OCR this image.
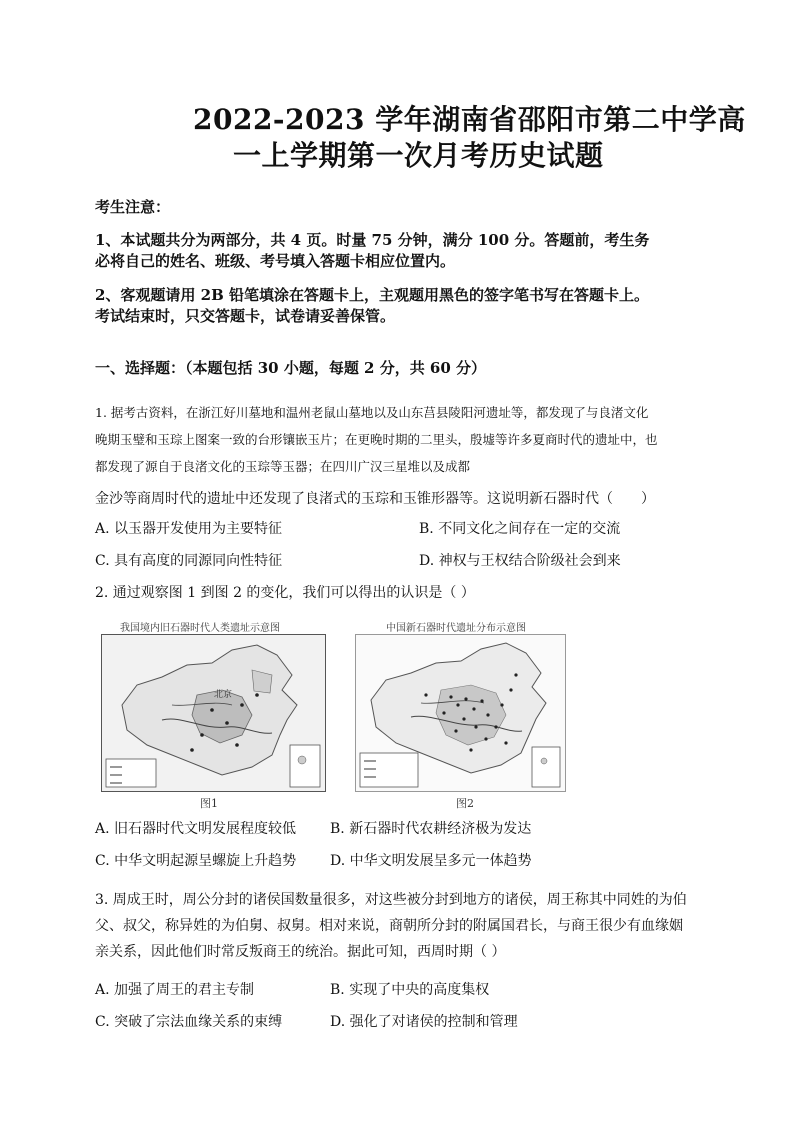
2022-2023 学年湖南省邵阳市第二中学高
一上学期第一次月考历史试题
考生注意：
1、本试题共分为两部分，共 4 页。时量 75 分钟，满分 100 分。答题前，考生务
必将自己的姓名、班级、考号填入答题卡相应位置内。
2、客观题请用 2B 铅笔填涂在答题卡上，主观题用黑色的签字笔书写在答题卡上。
考试结束时，只交答题卡，试卷请妥善保管。
一、选择题：（本题包括 30 小题，每题 2 分，共 60 分）
1. 据考古资料，在浙江好川墓地和温州老鼠山墓地以及山东莒县陵阳河遗址等，都发现了与良渚文化
晚期玉璧和玉琮上图案一致的台形镶嵌玉片；在更晚时期的二里头，殷墟等许多夏商时代的遗址中，也
都发现了源自于良渚文化的玉琮等玉器；在四川广汉三星堆以及成都
金沙等商周时代的遗址中还发现了良渚式的玉琮和玉锥形器等。这说明新石器时代（　　）
A. 以玉器开发使用为主要特征	B. 不同文化之间存在一定的交流
C. 具有高度的同源同向性特征	D. 神权与王权结合阶级社会到来
2. 通过观察图 1 到图 2 的变化，我们可以得出的认识是（ ）
我国境内旧石器时代人类遗址示意图
北京
图1
中国新石器时代遗址分布示意图
图2
A. 旧石器时代文明发展程度较低 B. 新石器时代农耕经济极为发达
C. 中华文明起源呈螺旋上升趋势 D. 中华文明发展呈多元一体趋势
3. 周成王时，周公分封的诸侯国数量很多，对这些被分封到地方的诸侯，周王称其中同姓的为伯
父、叔父，称异姓的为伯舅、叔舅。相对来说，商朝所分封的附属国君长，与商王很少有血缘姻
亲关系，因此他们时常反叛商王的统治。据此可知，西周时期（ ）
A. 加强了周王的君主专制	B. 实现了中央的高度集权
C. 突破了宗法血缘关系的束缚	D. 强化了对诸侯的控制和管理
